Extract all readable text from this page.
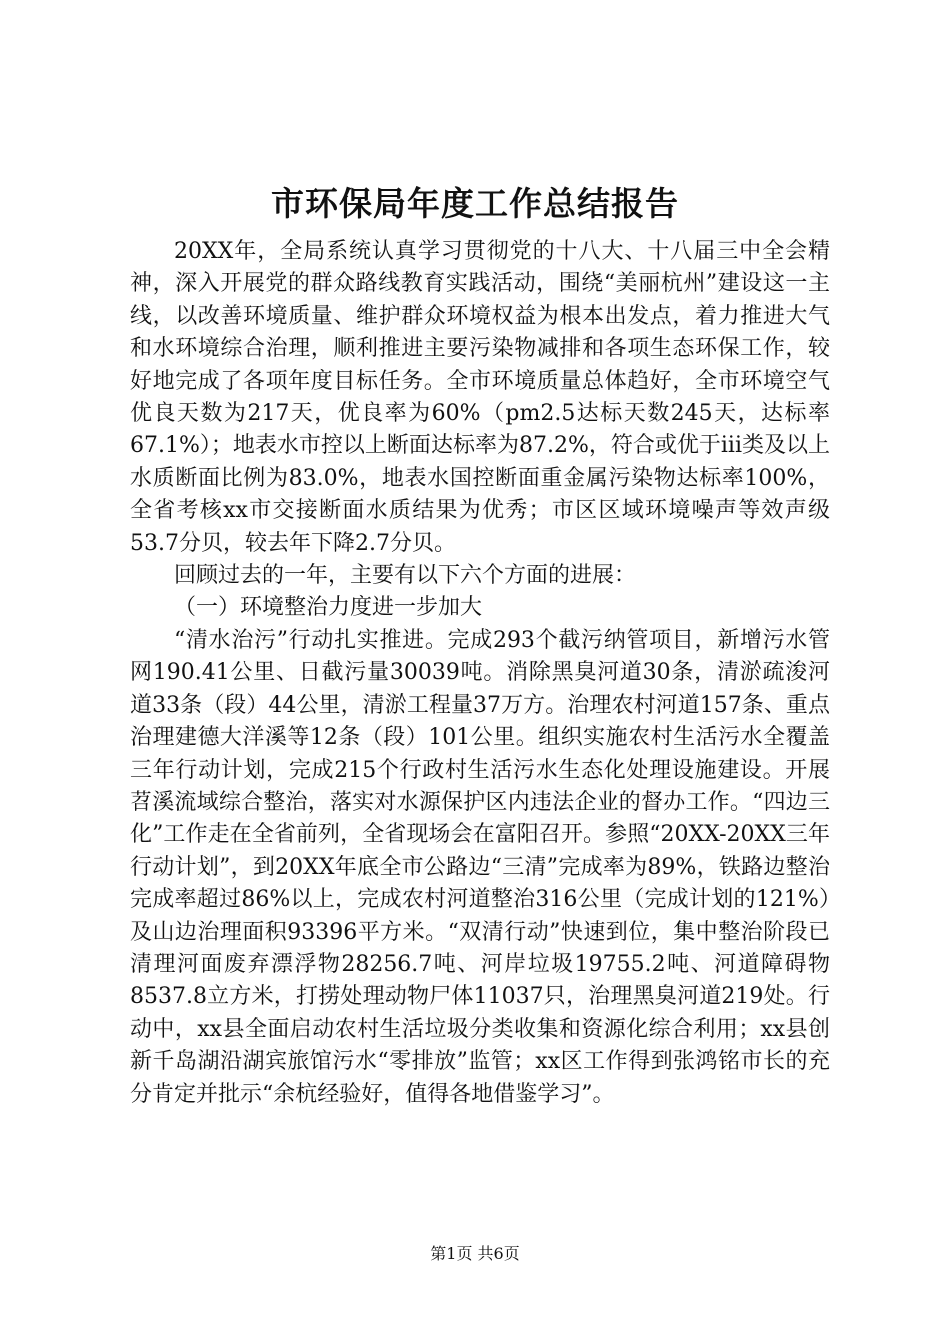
市环保局年度工作总结报告

20XX年，全局系统认真学习贯彻党的十八大、十八届三中全会精神，深入开展党的群众路线教育实践活动，围绕“美丽杭州”建设这一主线，以改善环境质量、维护群众环境权益为根本出发点，着力推进大气和水环境综合治理，顺利推进主要污染物减排和各项生态环保工作，较好地完成了各项年度目标任务。全市环境质量总体趋好，全市环境空气优良天数为217天，优良率为60%（pm2.5达标天数245天，达标率67.1%）；地表水市控以上断面达标率为87.2%，符合或优于iii类及以上水质断面比例为83.0%，地表水国控断面重金属污染物达标率100%，全省考核xx市交接断面水质结果为优秀；市区区域环境噪声等效声级53.7分贝，较去年下降2.7分贝。

回顾过去的一年，主要有以下六个方面的进展：

（一）环境整治力度进一步加大

“清水治污”行动扎实推进。完成293个截污纳管项目，新增污水管网190.41公里、日截污量30039吨。消除黑臭河道30条，清淤疏浚河道33条（段）44公里，清淤工程量37万方。治理农村河道157条、重点治理建德大洋溪等12条（段）101公里。组织实施农村生活污水全覆盖三年行动计划，完成215个行政村生活污水生态化处理设施建设。开展苕溪流域综合整治，落实对水源保护区内违法企业的督办工作。“四边三化”工作走在全省前列，全省现场会在富阳召开。参照“20XX-20XX三年行动计划”，到20XX年底全市公路边“三清”完成率为89%，铁路边整治完成率超过86%以上，完成农村河道整治316公里（完成计划的121%）及山边治理面积93396平方米。“双清行动”快速到位，集中整治阶段已清理河面废弃漂浮物28256.7吨、河岸垃圾19755.2吨、河道障碍物8537.8立方米，打捞处理动物尸体11037只，治理黑臭河道219处。行动中，xx县全面启动农村生活垃圾分类收集和资源化综合利用；xx县创新千岛湖沿湖宾旅馆污水“零排放”监管；xx区工作得到张鸿铭市长的充分肯定并批示“余杭经验好，值得各地借鉴学习”。

第1页 共6页
